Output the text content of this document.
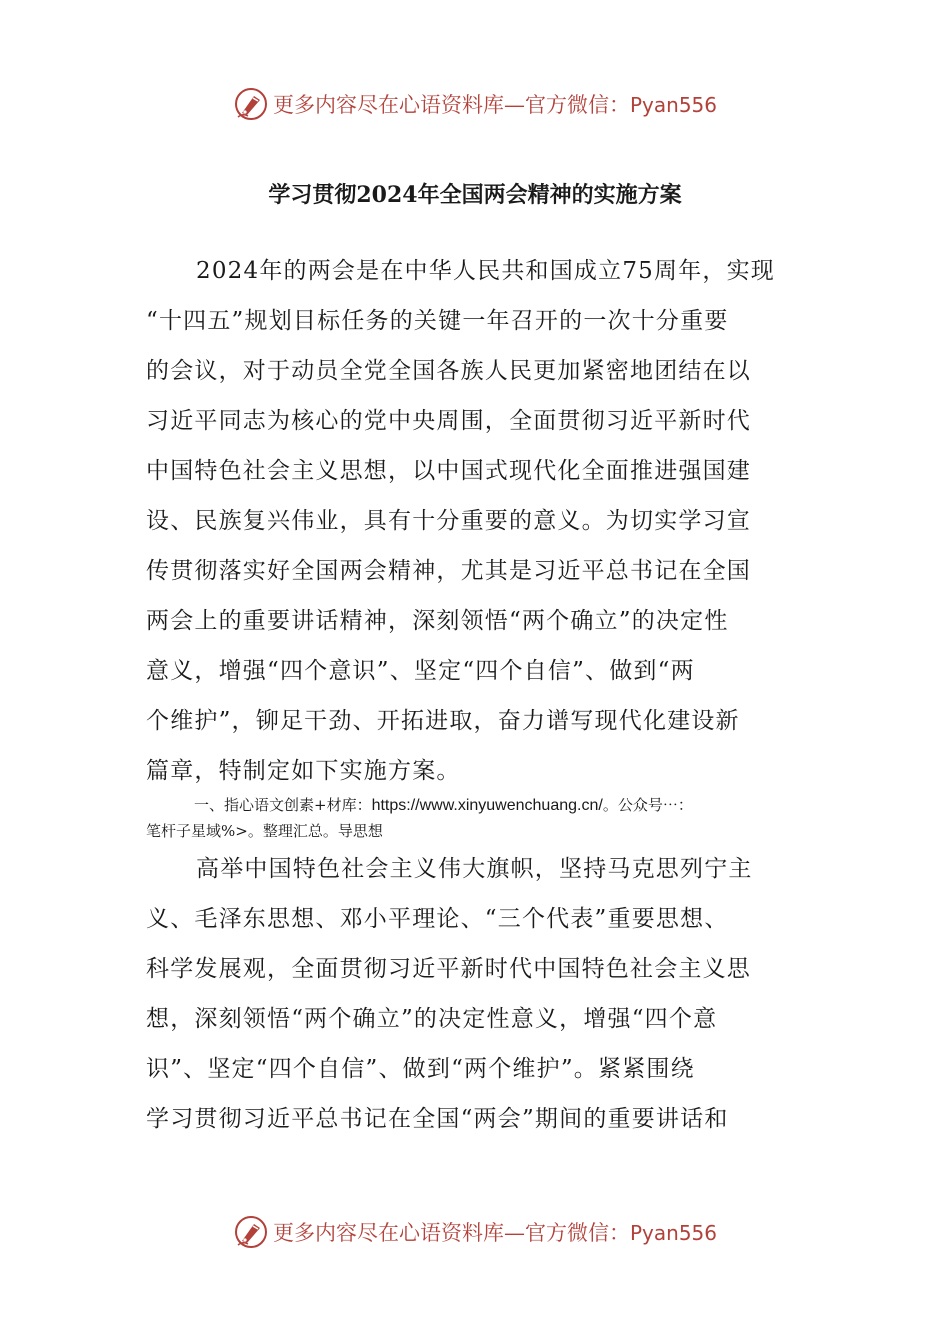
更多内容尽在心语资料库—官方微信：Pyan556
学习贯彻2024年全国两会精神的实施方案
2024年的两会是在中华人民共和国成立75周年，实现
“十四五”规划目标任务的关键一年召开的一次十分重要
的会议，对于动员全党全国各族人民更加紧密地团结在以
习近平同志为核心的党中央周围，全面贯彻习近平新时代
中国特色社会主义思想，以中国式现代化全面推进强国建
设、民族复兴伟业，具有十分重要的意义。为切实学习宣
传贯彻落实好全国两会精神，尤其是习近平总书记在全国
两会上的重要讲话精神，深刻领悟“两个确立”的决定性
意义，增强“四个意识”、坚定“四个自信”、做到“两
个维护”，铆足干劲、开拓进取，奋力谱写现代化建设新
篇章，特制定如下实施方案。
一、指心语文创素+材库：https://www.xinyuwenchuang.cn/。公众号⋯：
笔杆子星域%>。整理汇总。导思想
高举中国特色社会主义伟大旗帜，坚持马克思列宁主
义、毛泽东思想、邓小平理论、“三个代表”重要思想、
科学发展观，全面贯彻习近平新时代中国特色社会主义思
想，深刻领悟“两个确立”的决定性意义，增强“四个意
识”、坚定“四个自信”、做到“两个维护”。紧紧围绕
学习贯彻习近平总书记在全国“两会”期间的重要讲话和
更多内容尽在心语资料库—官方微信：Pyan556
